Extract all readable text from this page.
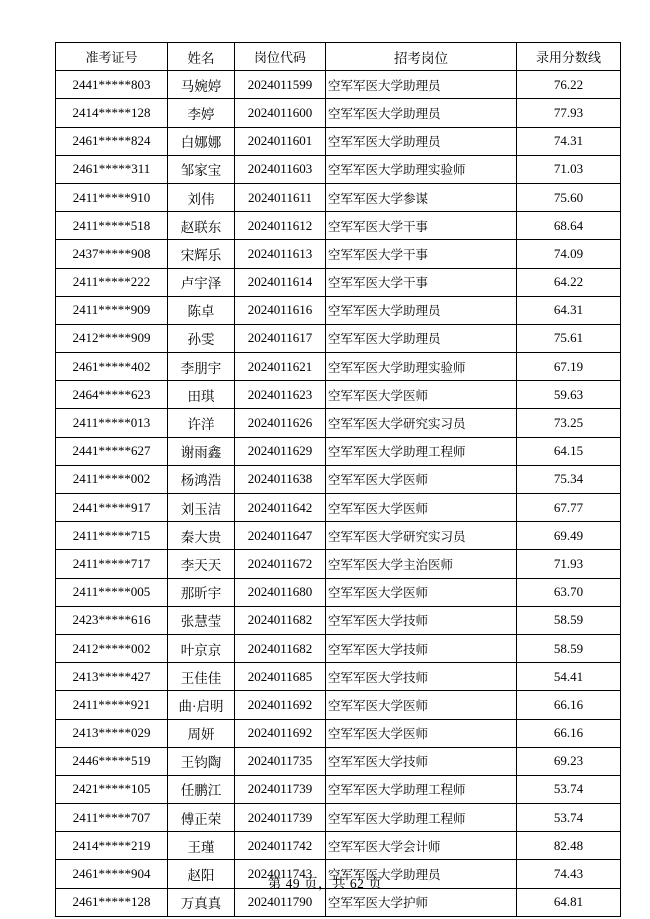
准考证号	姓名	岗位代码	招考岗位	录用分数线
2441*****803	马婉婷	2024011599	空军军医大学助理员	76.22
2414*****128	李婷	2024011600	空军军医大学助理员	77.93
2461*****824	白娜娜	2024011601	空军军医大学助理员	74.31
2461*****311	邹家宝	2024011603	空军军医大学助理实验师	71.03
2411*****910	刘伟	2024011611	空军军医大学参谋	75.60
2411*****518	赵联东	2024011612	空军军医大学干事	68.64
2437*****908	宋辉乐	2024011613	空军军医大学干事	74.09
2411*****222	卢宇泽	2024011614	空军军医大学干事	64.22
2411*****909	陈卓	2024011616	空军军医大学助理员	64.31
2412*****909	孙雯	2024011617	空军军医大学助理员	75.61
2461*****402	李朋宇	2024011621	空军军医大学助理实验师	67.19
2464*****623	田琪	2024011623	空军军医大学医师	59.63
2411*****013	许洋	2024011626	空军军医大学研究实习员	73.25
2441*****627	谢雨鑫	2024011629	空军军医大学助理工程师	64.15
2411*****002	杨鸿浩	2024011638	空军军医大学医师	75.34
2441*****917	刘玉洁	2024011642	空军军医大学医师	67.77
2411*****715	秦大贵	2024011647	空军军医大学研究实习员	69.49
2411*****717	李天天	2024011672	空军军医大学主治医师	71.93
2411*****005	那昕宇	2024011680	空军军医大学医师	63.70
2423*****616	张慧莹	2024011682	空军军医大学技师	58.59
2412*****002	叶京京	2024011682	空军军医大学技师	58.59
2413*****427	王佳佳	2024011685	空军军医大学技师	54.41
2411*****921	曲·启明	2024011692	空军军医大学医师	66.16
2413*****029	周妍	2024011692	空军军医大学医师	66.16
2446*****519	王钧陶	2024011735	空军军医大学技师	69.23
2421*****105	任鹏江	2024011739	空军军医大学助理工程师	53.74
2411*****707	傅正荣	2024011739	空军军医大学助理工程师	53.74
2414*****219	王瑾	2024011742	空军军医大学会计师	82.48
2461*****904	赵阳	2024011743	空军军医大学助理员	74.43
2461*****128	万真真	2024011790	空军军医大学护师	64.81
第 49 页，共 62 页
